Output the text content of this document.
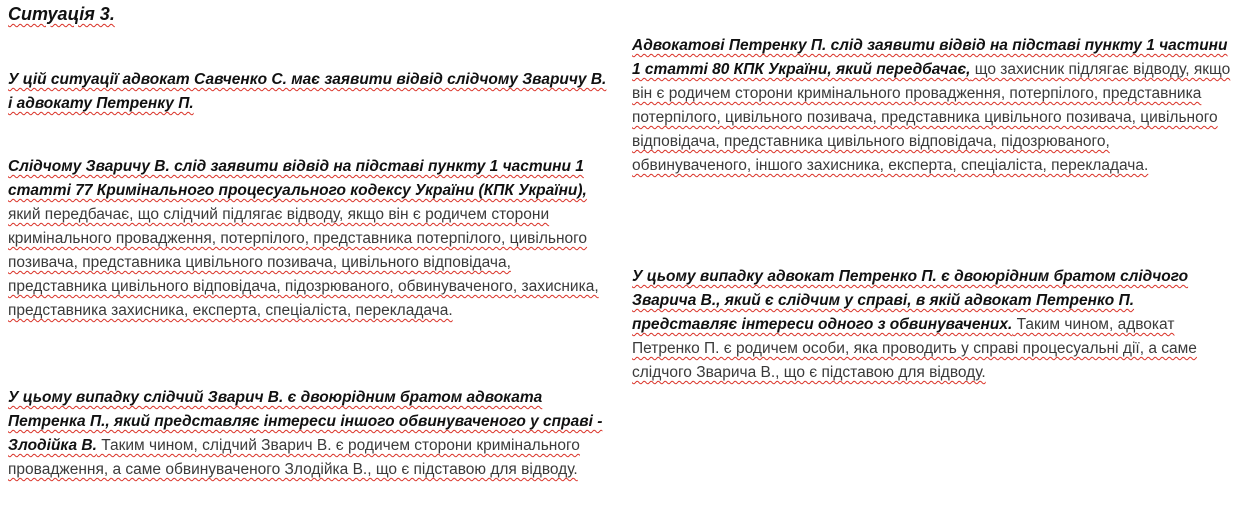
Ситуація 3.
У цій ситуації адвокат Савченко С. має заявити відвід слідчому Зваричу В. і адвокату Петренку П.
Слідчому Зваричу В. слід заявити відвід на підставі пункту 1 частини 1 статті 77 Кримінального процесуального кодексу України (КПК України), який передбачає, що слідчий підлягає відводу, якщо він є родичем сторони кримінального провадження, потерпілого, представника потерпілого, цивільного позивача, представника цивільного позивача, цивільного відповідача, представника цивільного відповідача, підозрюваного, обвинуваченого, захисника, представника захисника, експерта, спеціаліста, перекладача.
У цьому випадку слідчий Зварич В. є двоюрідним братом адвоката Петренка П., який представляє інтереси іншого обвинуваченого у справі - Злодійка В. Таким чином, слідчий Зварич В. є родичем сторони кримінального провадження, а саме обвинуваченого Злодійка В., що є підставою для відводу.
Адвокатові Петренку П. слід заявити відвід на підставі пункту 1 частини 1 статті 80 КПК України, який передбачає, що захисник підлягає відводу, якщо він є родичем сторони кримінального провадження, потерпілого, представника потерпілого, цивільного позивача, представника цивільного позивача, цивільного відповідача, представника цивільного відповідача, підозрюваного, обвинуваченого, іншого захисника, експерта, спеціаліста, перекладача.
У цьому випадку адвокат Петренко П. є двоюрідним братом слідчого Зварича В., який є слідчим у справі, в якій адвокат Петренко П. представляє інтереси одного з обвинувачених. Таким чином, адвокат Петренко П. є родичем особи, яка проводить у справі процесуальні дії, а саме слідчого Зварича В., що є підставою для відводу.
